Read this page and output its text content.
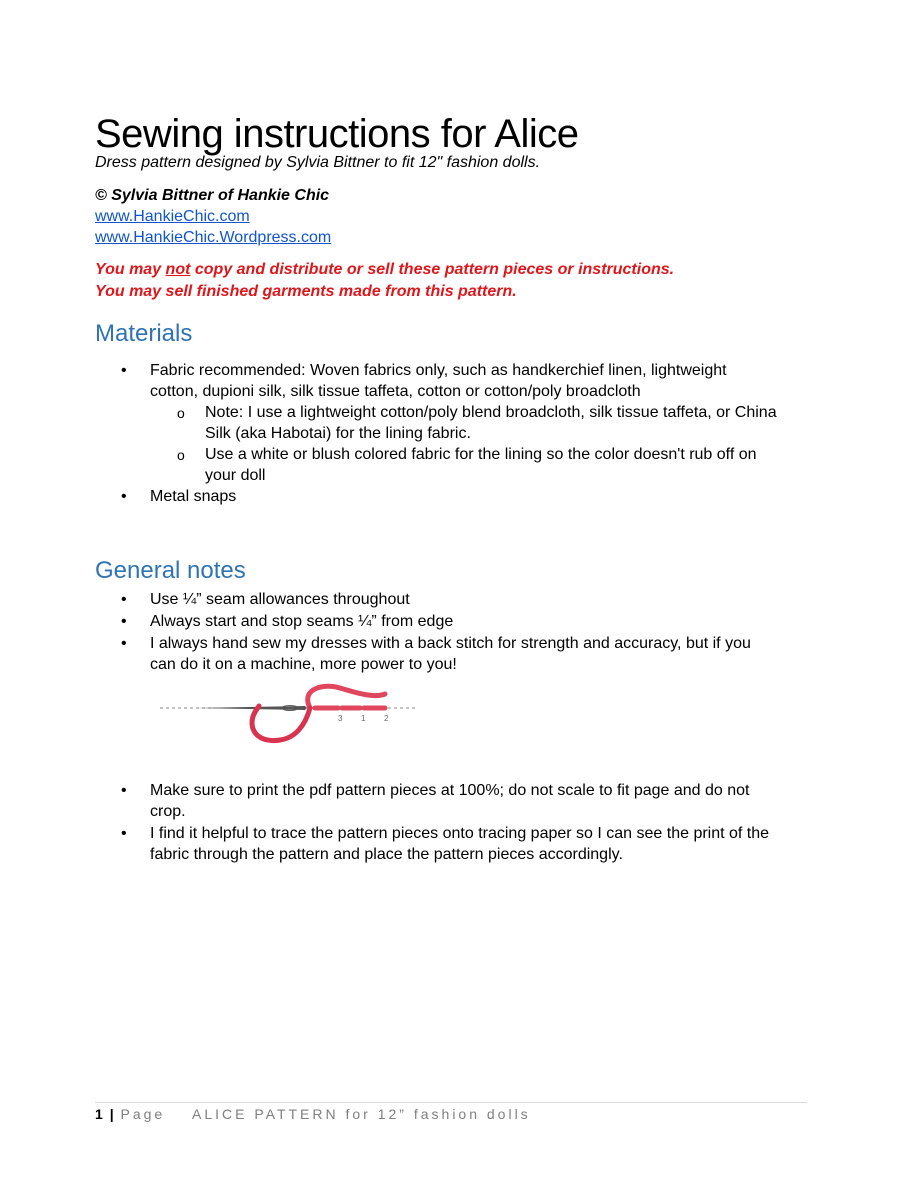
Sewing instructions for Alice
Dress pattern designed by Sylvia Bittner to fit 12" fashion dolls.
© Sylvia Bittner of Hankie Chic
www.HankieChic.com
www.HankieChic.Wordpress.com
You may not copy and distribute or sell these pattern pieces or instructions.
You may sell finished garments made from this pattern.
Materials
• Fabric recommended: Woven fabrics only, such as handkerchief linen, lightweight
cotton, dupioni silk, silk tissue taffeta, cotton or cotton/poly broadcloth
o Note: I use a lightweight cotton/poly blend broadcloth, silk tissue taffeta, or China
Silk (aka Habotai) for the lining fabric.
o Use a white or blush colored fabric for the lining so the color doesn't rub off on
your doll
• Metal snaps
General notes
• Use ¼” seam allowances throughout
• Always start and stop seams ¼” from edge
• I always hand sew my dresses with a back stitch for strength and accuracy, but if you
can do it on a machine, more power to you!
3 1 2
• Make sure to print the pdf pattern pieces at 100%; do not scale to fit page and do not
crop.
• I find it helpful to trace the pattern pieces onto tracing paper so I can see the print of the
fabric through the pattern and place the pattern pieces accordingly.
1 | Page ALICE PATTERN for 12” fashion dolls
